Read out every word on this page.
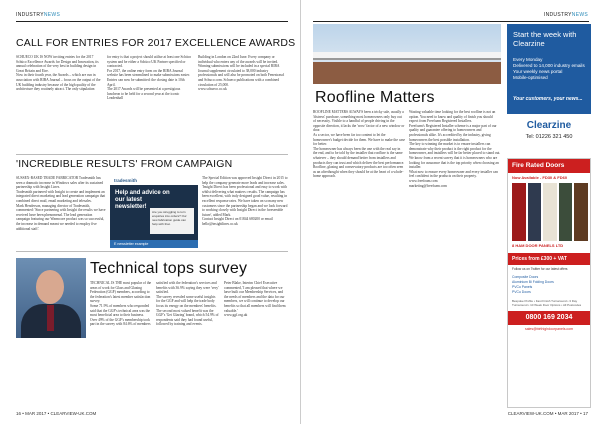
INDUSTRYNEWS
CALL FOR ENTRIES FOR 2017 EXCELLENCE AWARDS
SCHUECO UK IS NOW inviting entries for the 2017 Schüco Excellence Awards for Design and Innovation, its annual celebration of the very best in building design in Great Britain and Eire.
Now in their fourth year, the Awards – which are run in association with RIBA Journal – focus on the output of the UK building industry because of the high quality of the architecture they routinely attract. The only stipulation
for entry is that a project should utilise at least one Schüco system and be either a Schüco UK Partner specified or contracted.
For 2017, the online entry form on the RIBA Journal website has been streamlined to make submissions easier. Entries can now be submitted: the closing date is 10th April.
The 2017 Awards will be presented at a prestigious luncheon to be held for a second year at the iconic Leadenhall
Building in London on 22nd June. Every company or individual who enters any of the awards will be invited.
Winning submissions will be included in a special RIBA Journal supplement circulated to 38,000 industry professionals and will also be promoted on both Fenestrasol and Schuco.com. Schueco publications with a combined circulation of 25,000.
www.schueco.co.uk
'INCREDIBLE RESULTS' FROM CAMPAIGN
SUSSEX-BASED TRADE FABRICATOR Tradesmith has seen a dramatic increase in Windows sales after its sustained partnership with Insight Lines.
Tradesmith partnered with Insight to create and implement an integrated direct marketing and lead generation campaign that combined direct mail, email marketing and telesales.
Mark Henderson, managing director of Tradesmith, commented: 'Since partnering with Insight the results we have received have been phenomenal. The lead generation campaign featuring our Warmcore product was so successful, the increase in demand meant we needed to employ five additional staff.'
tradesmith
Help and advice on our latest newsletter!
Are you struggling to turn enquiries into orders? Our new fabrication guide can help with that.
E newsletter example
The Special Edition was approved Insight Direct in 2015 to help the company generate more leads and increase sales.
'Insight Direct has been professional and easy to work with whilst delivering what matters: results. The campaign has been excellent, with truly designed good value, resulting in excellent response rates. We have taken on so many new customers since the partnership began and we look forward to working closely with Insight Direct in the foreseeable future', added Mark.
Contact Insight Direct on 01844 680200 or email hello@insightlines.co.uk
Technical tops survey
TECHNICAL IS THE most popular of the areas of work for Glass and Glazing Federation (GGF) members, according to the federation's latest member satisfaction survey.
Some 71.9% of members who responded said that the GGF's technical area was the most beneficial area to their business.
Over 49% of the GGF's membership took part in the survey with 84.6% of members
satisfied with the federation's services and benefits with 36.9% saying they were 'very' satisfied.
The survey revealed some useful insights for the GGF and will help the trade body focus its energy on the members' benefits.
The second most valued benefit was the GGF's 'Get Glazing' brand, which 54.9% of respondents said they had found useful, followed by training and events.
Peter Blake, Interim Chief Executive commented, 'I am pleased that where we have built our Membership Services, and the needs of members and the data for our members, we will continue to develop our benefits so that all members will find them valuable.'
www.ggf.org.uk
16 • MAR 2017 • CLEARVIEW-UK.COM
INDUSTRYNEWS
Roofline Matters
ROOFLINE MATTERS ALWAYS been a tricky sale, usually a 'distress' purchase, something most homeowners only buy out of necessity. Visible to a handful of people driving in the opposite direction, it lacks the 'wow' factor of a new window or door.
As a sector, we have been far too content to let the homeowner's budget decide for them. We have to make the case for better.
The homeowner has always been the one with the real say in the end, and to be told by the installer that roofline is the same whatever – they should demand better from installers and products they can trust and which deliver the best performance.
Roofline, glazing and conservatory products are too often seen as an afterthought when they should be at the heart of a whole-home approach.
Wasting valuable time looking for the best roofline is not an option. You need to know and quality of finish you should expect from Freefoam Registered Installers.
Freefoam's Registered Installer scheme is a major part of our quality and guarantee offering to homeowners and professionals alike. It's accredited by the industry, giving homeowners the best possible installation.
The key to winning the market is to ensure installers can demonstrate why their product is the right product for the homeowner, and installers will be far better placed to stand out.
We know from a recent survey that it is homeowners who are looking for assurance that is the top priority when choosing an installer.
What now to ensure every homeowner and every installer can feel confident in the products on their property.
www.freefoam.com
marketing@freefoam.com
Start the week with Clearzine
Every Monday
Delivered to 14,000 industry emails
Your weekly news portal
Mobile-optimised
Your customers, your news...
Clearzine
Tel: 01226 321 450
Fire Rated Doors
Now Available - FD30 & FD60
8 HAM DOOR PANELS LTD
Prices from £300 + VAT
Follow us on Twitter for our latest offers
Composite Doors
Aluminium Bi Folding Doors
PVCu Panels
PVCu Doors
Bespoke Profile • Fast Finish Turnaround • 3 Day Turnaround • 10 Week Door Options • All Postcodes
0800 169 2034
sales@birthighdoorpanels.com
CLEARVIEW-UK.COM • MAR 2017 • 17
